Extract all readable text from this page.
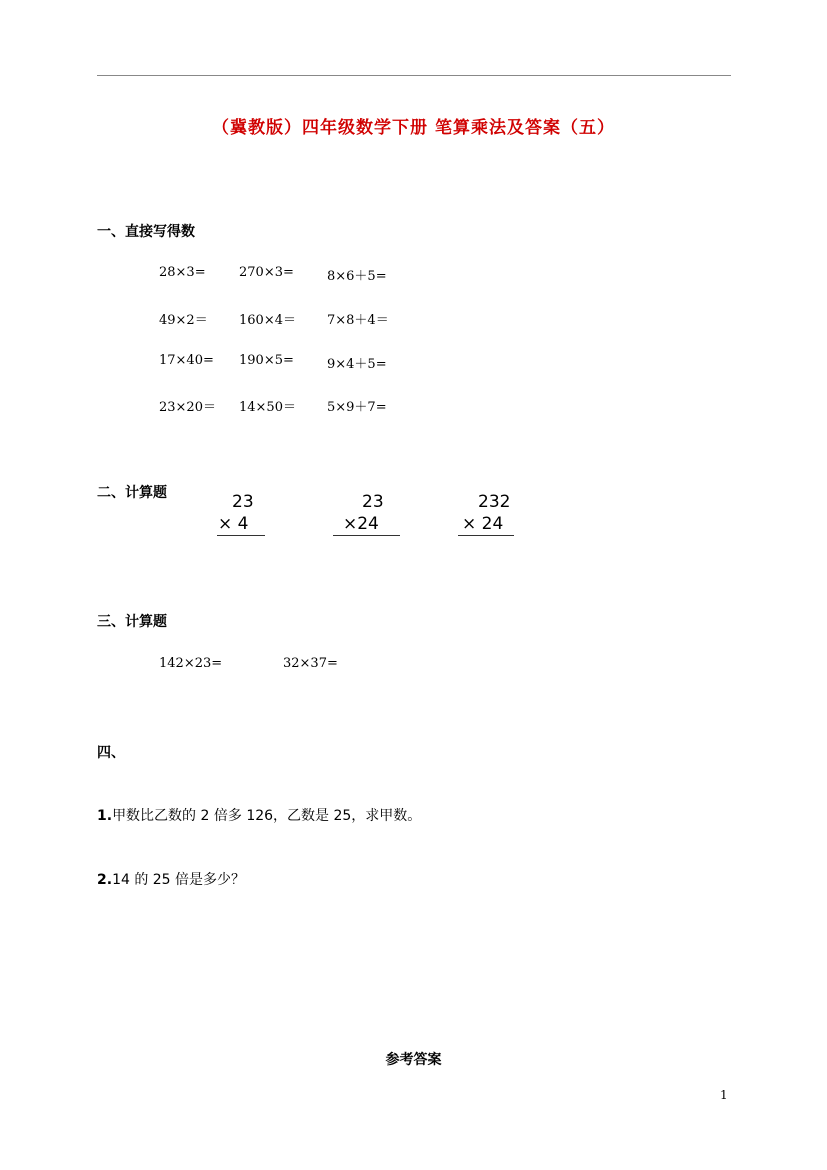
（冀教版）四年级数学下册 笔算乘法及答案（五）
一、直接写得数
28×3=	270×3=	8×6＋5=
49×2＝ 160×4＝ 7×8＋4＝
17×40= 190×5=	9×4＋5=
23×20＝ 14×50＝ 5×9＋7=
二、计算题	23
× 4
23
×24
232
× 24
三、计算题
142×23=	32×37=
四、
1.甲数比乙数的 2 倍多 126，乙数是 25，求甲数。
2.14 的 25 倍是多少？
参考答案
1
